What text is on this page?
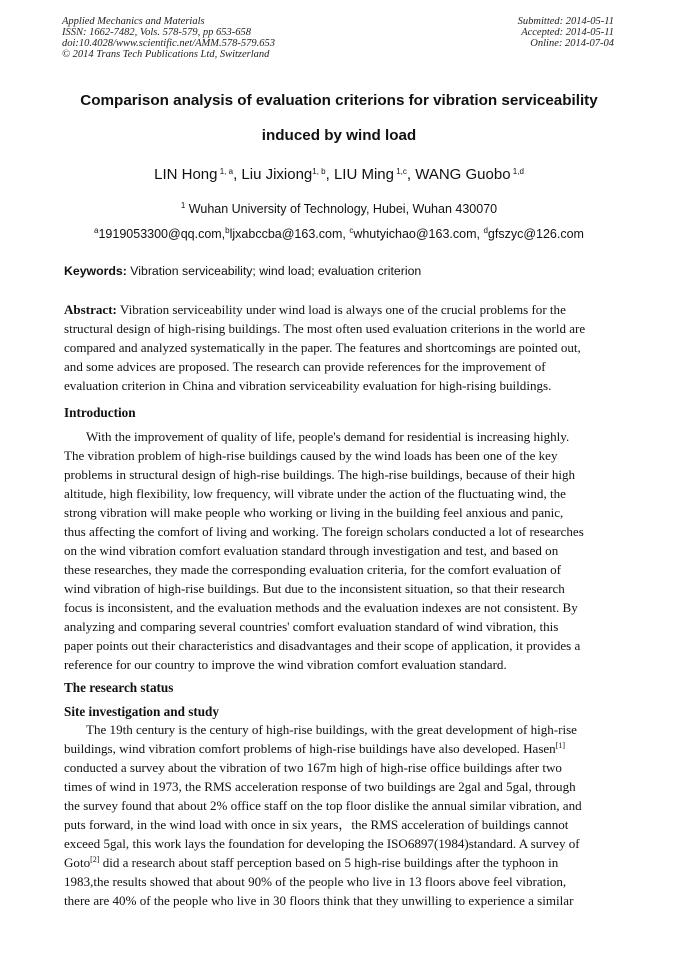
Applied Mechanics and Materials
ISSN: 1662-7482, Vols. 578-579, pp 653-658
doi:10.4028/www.scientific.net/AMM.578-579.653
© 2014 Trans Tech Publications Ltd, Switzerland
Submitted: 2014-05-11
Accepted: 2014-05-11
Online: 2014-07-04
Comparison analysis of evaluation criterions for vibration serviceability
induced by wind load
LIN Hong $^{1, a}$, Liu Jixiong$^{1, b}$, LIU Ming $^{1,c}$, WANG Guobo $^{1,d}$
$^1$ Wuhan University of Technology, Hubei, Wuhan 430070
$^a$1919053300@qq.com,$^b$ljxabccba@163.com, $^c$whutyichao@163.com, $^d$gfszyc@126.com
Keywords: Vibration serviceability; wind load; evaluation criterion
Abstract: Vibration serviceability under wind load is always one of the crucial problems for the
structural design of high-rising buildings. The most often used evaluation criterions in the world are
compared and analyzed systematically in the paper. The features and shortcomings are pointed out,
and some advices are proposed. The research can provide references for the improvement of
evaluation criterion in China and vibration serviceability evaluation for high-rising buildings.
Introduction
With the improvement of quality of life, people's demand for residential is increasing highly.
The vibration problem of high-rise buildings caused by the wind loads has been one of the key
problems in structural design of high-rise buildings. The high-rise buildings, because of their high
altitude, high flexibility, low frequency, will vibrate under the action of the fluctuating wind, the
strong vibration will make people who working or living in the building feel anxious and panic,
thus affecting the comfort of living and working. The foreign scholars conducted a lot of researches
on the wind vibration comfort evaluation standard through investigation and test, and based on
these researches, they made the corresponding evaluation criteria, for the comfort evaluation of
wind vibration of high-rise buildings. But due to the inconsistent situation, so that their research
focus is inconsistent, and the evaluation methods and the evaluation indexes are not consistent. By
analyzing and comparing several countries' comfort evaluation standard of wind vibration, this
paper points out their characteristics and disadvantages and their scope of application, it provides a
reference for our country to improve the wind vibration comfort evaluation standard.
The research status
Site investigation and study
The 19th century is the century of high-rise buildings, with the great development of high-rise
buildings, wind vibration comfort problems of high-rise buildings have also developed. Hasen[1]
conducted a survey about the vibration of two 167m high of high-rise office buildings after two
times of wind in 1973, the RMS acceleration response of two buildings are 2gal and 5gal, through
the survey found that about 2% office staff on the top floor dislike the annual similar vibration, and
puts forward, in the wind load with once in six years，the RMS acceleration of buildings cannot
exceed 5gal, this work lays the foundation for developing the ISO6897(1984)standard. A survey of
Goto[2] did a research about staff perception based on 5 high-rise buildings after the typhoon in
1983,the results showed that about 90% of the people who live in 13 floors above feel vibration,
there are 40% of the people who live in 30 floors think that they unwilling to experience a similar
